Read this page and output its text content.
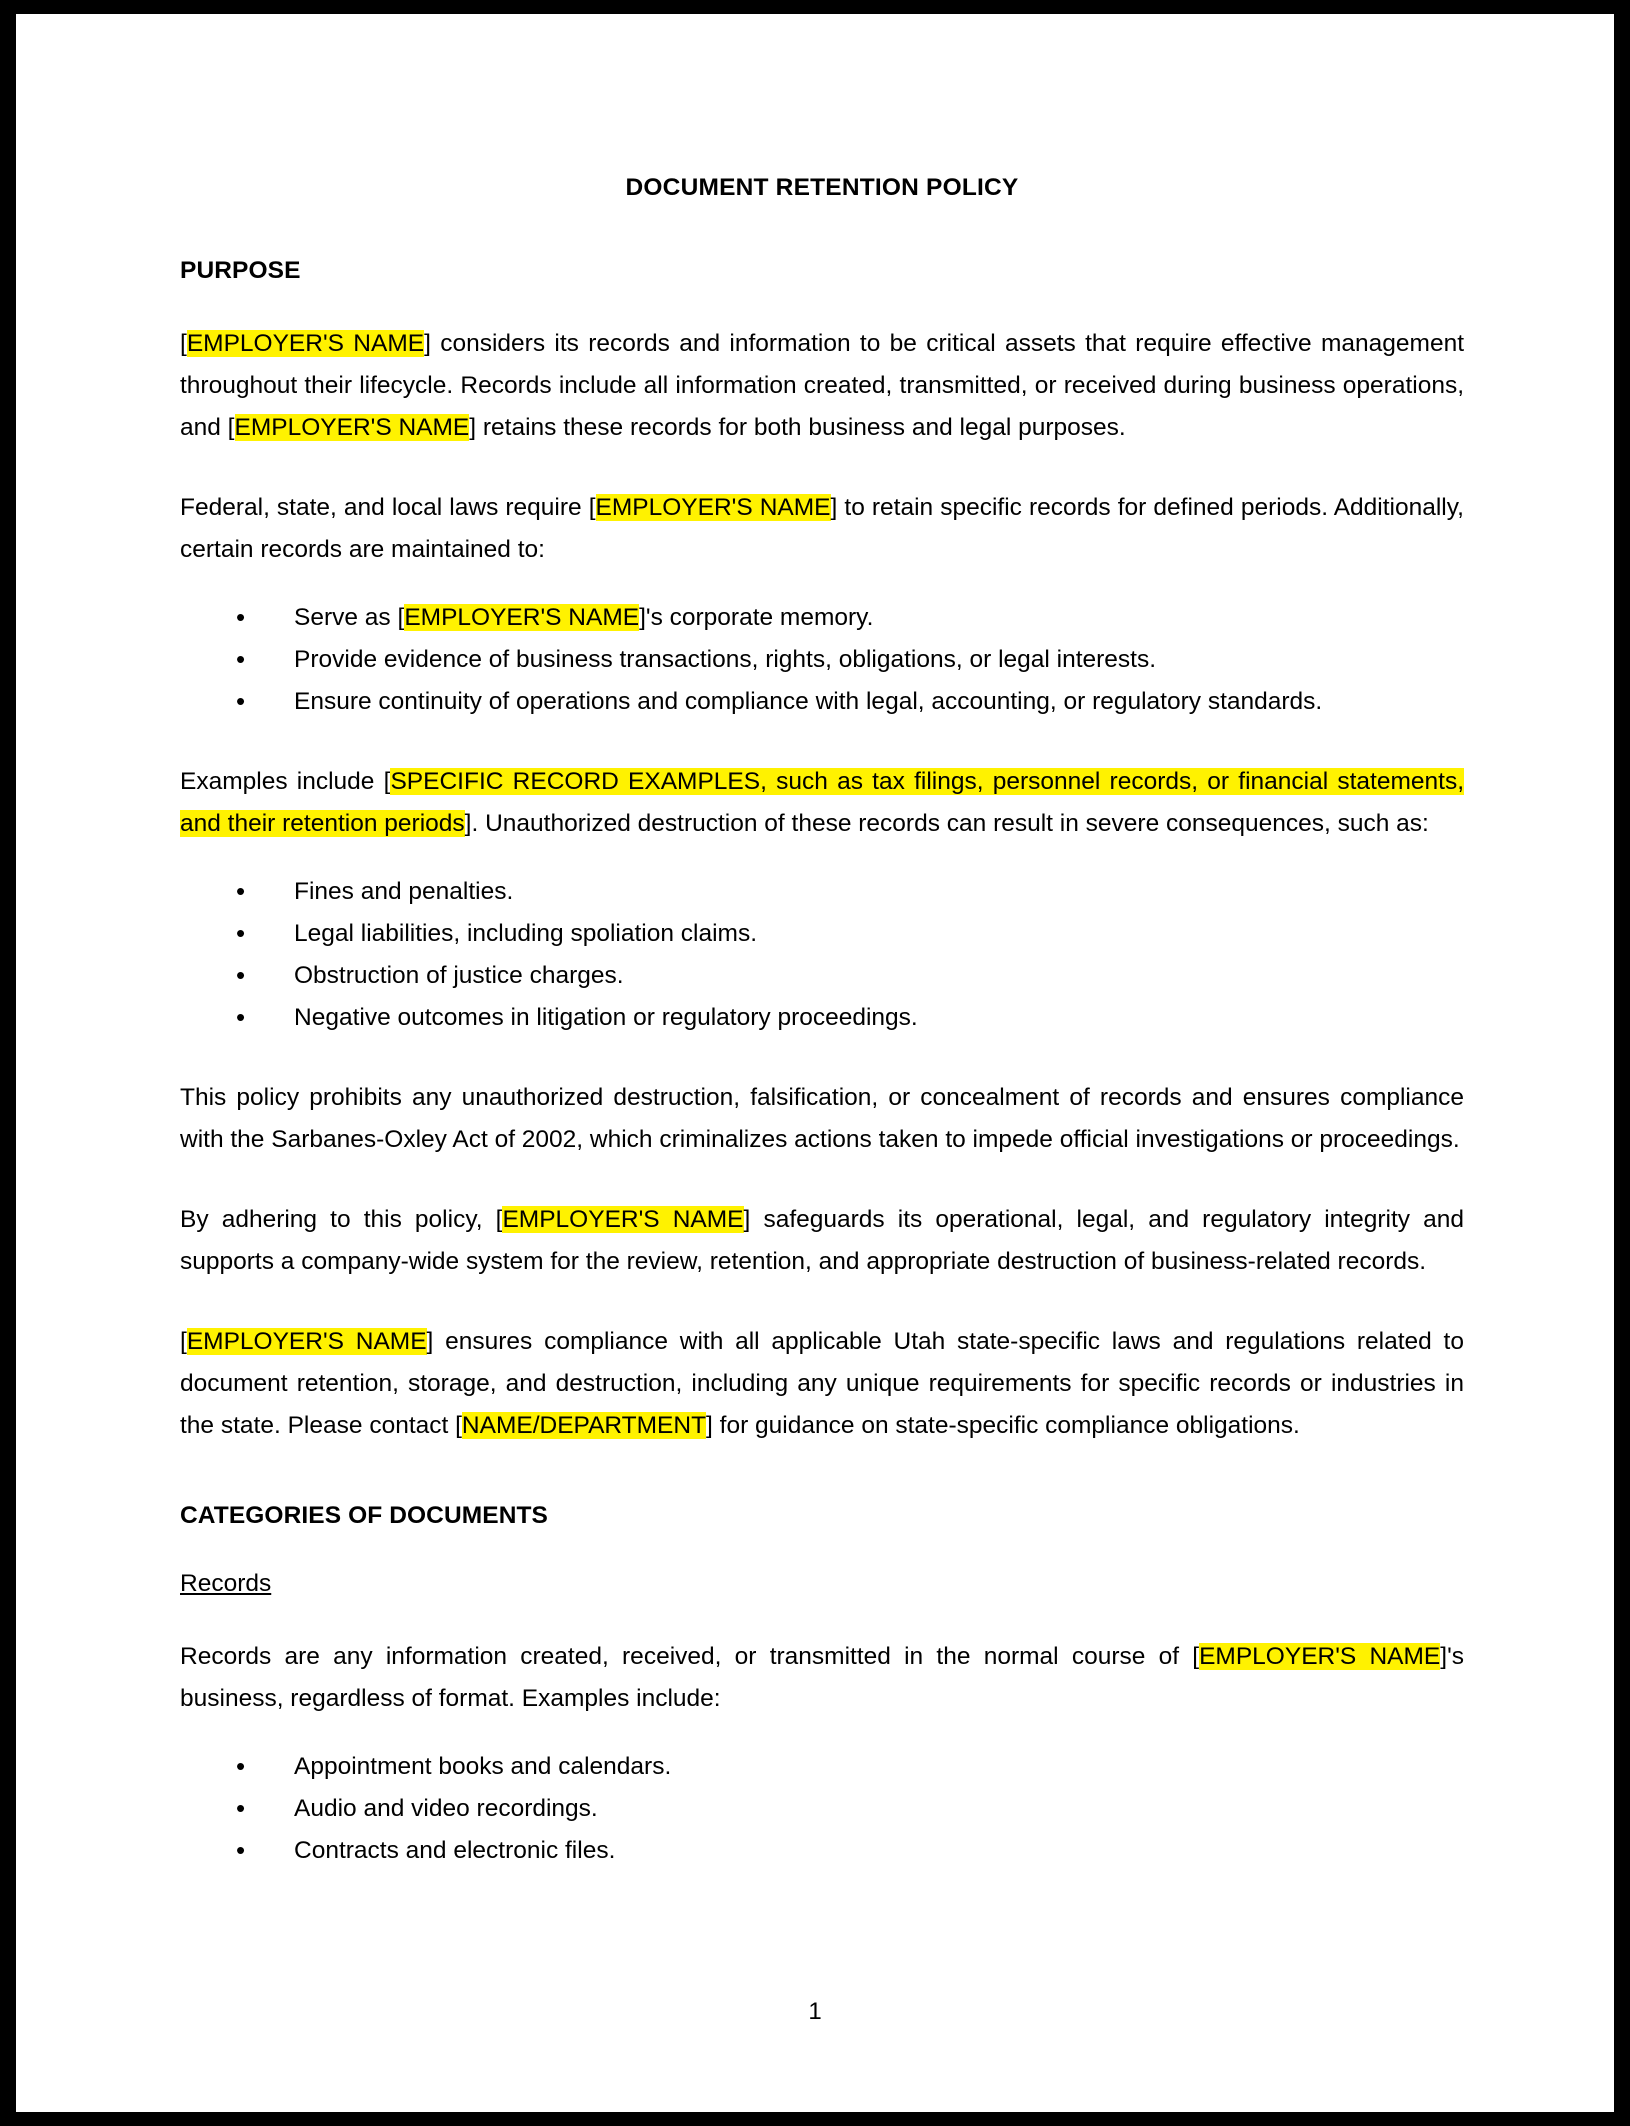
DOCUMENT RETENTION POLICY
PURPOSE

[EMPLOYER'S NAME] considers its records and information to be critical assets that require effective management throughout their lifecycle. Records include all information created, transmitted, or received during business operations, and [EMPLOYER'S NAME] retains these records for both business and legal purposes.

Federal, state, and local laws require [EMPLOYER'S NAME] to retain specific records for defined periods. Additionally, certain records are maintained to:

• Serve as [EMPLOYER'S NAME]'s corporate memory.
• Provide evidence of business transactions, rights, obligations, or legal interests.
• Ensure continuity of operations and compliance with legal, accounting, or regulatory standards.

Examples include [SPECIFIC RECORD EXAMPLES, such as tax filings, personnel records, or financial statements, and their retention periods]. Unauthorized destruction of these records can result in severe consequences, such as:

• Fines and penalties.
• Legal liabilities, including spoliation claims.
• Obstruction of justice charges.
• Negative outcomes in litigation or regulatory proceedings.

This policy prohibits any unauthorized destruction, falsification, or concealment of records and ensures compliance with the Sarbanes-Oxley Act of 2002, which criminalizes actions taken to impede official investigations or proceedings.

By adhering to this policy, [EMPLOYER'S NAME] safeguards its operational, legal, and regulatory integrity and supports a company-wide system for the review, retention, and appropriate destruction of business-related records.

[EMPLOYER'S NAME] ensures compliance with all applicable Utah state-specific laws and regulations related to document retention, storage, and destruction, including any unique requirements for specific records or industries in the state. Please contact [NAME/DEPARTMENT] for guidance on state-specific compliance obligations.

CATEGORIES OF DOCUMENTS
Records

Records are any information created, received, or transmitted in the normal course of [EMPLOYER'S NAME]'s business, regardless of format. Examples include:

• Appointment books and calendars.
• Audio and video recordings.
• Contracts and electronic files.
1
